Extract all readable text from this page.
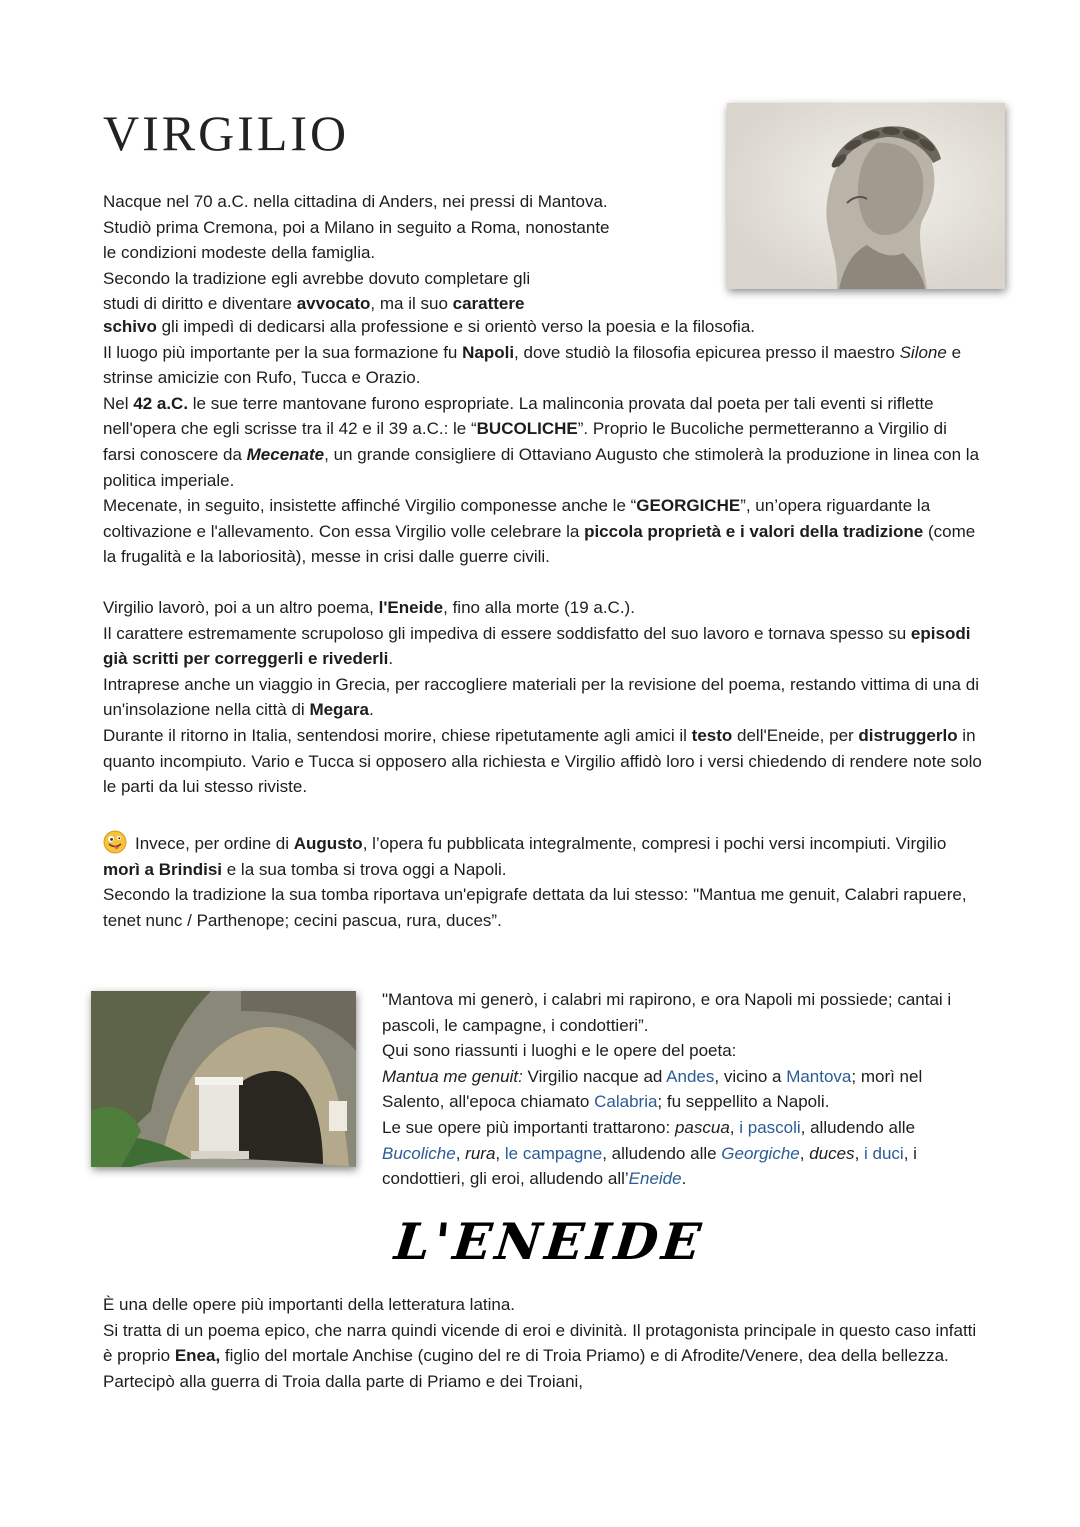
VIRGILIO

Nacque nel 70 a.C. nella cittadina di Anders, nei pressi di Mantova.

Studiò prima Cremona, poi a Milano in seguito a Roma, nonostante

le condizioni modeste della famiglia.

Secondo la tradizione egli avrebbe dovuto completare gli

studi di diritto e diventare avvocato, ma il suo carattere

schivo gli impedì di dedicarsi alla professione e si orientò verso la poesia e la filosofia.

Il luogo più importante per la sua formazione fu Napoli, dove studiò la filosofia epicurea presso il maestro Silone e strinse amicizie con Rufo, Tucca e Orazio.

Nel 42 a.C. le sue terre mantovane furono espropriate. La malinconia provata dal poeta per tali eventi si riflette nell'opera che egli scrisse tra il 42 e il 39 a.C.: le “BUCOLICHE”. Proprio le Bucoliche permetteranno a Virgilio di farsi conoscere da Mecenate, un grande consigliere di Ottaviano Augusto che stimolerà la produzione in linea con la politica imperiale.

Mecenate, in seguito, insistette affinché Virgilio componesse anche le “GEORGICHE”, un’opera riguardante la coltivazione e l'allevamento. Con essa Virgilio volle celebrare la piccola proprietà e i valori della tradizione (come la frugalità e la laboriosità), messe in crisi dalle guerre civili.

Virgilio lavorò, poi a un altro poema, l'Eneide, fino alla morte (19 a.C.).

Il carattere estremamente scrupoloso gli impediva di essere soddisfatto del suo lavoro e tornava spesso su episodi già scritti per correggerli e rivederli.

Intraprese anche un viaggio in Grecia, per raccogliere materiali per la revisione del poema, restando vittima di una di un'insolazione nella città di Megara.

Durante il ritorno in Italia, sentendosi morire, chiese ripetutamente agli amici il testo dell'Eneide, per distruggerlo in quanto incompiuto. Vario e Tucca si opposero alla richiesta e Virgilio affidò loro i versi chiedendo di rendere note solo le parti da lui stesso riviste.

Invece, per ordine di Augusto, l’opera fu pubblicata integralmente, compresi i pochi versi incompiuti. Virgilio morì a Brindisi e la sua tomba si trova oggi a Napoli.

Secondo la tradizione la sua tomba riportava un'epigrafe dettata da lui stesso: "Mantua me genuit, Calabri rapuere, tenet nunc / Parthenope; cecini pascua, rura, duces”.

"Mantova mi generò, i calabri mi rapirono, e ora Napoli mi possiede; cantai i pascoli, le campagne, i condottieri”.

Qui sono riassunti i luoghi e le opere del poeta:

Mantua me genuit: Virgilio nacque ad Andes, vicino a Mantova; morì nel Salento, all'epoca chiamato Calabria; fu seppellito a Napoli.

Le sue opere più importanti trattarono: pascua, i pascoli, alludendo alle Bucoliche, rura, le campagne, alludendo alle Georgiche, duces, i duci, i condottieri, gli eroi, alludendo all’Eneide.

L'ENEIDE

È una delle opere più importanti della letteratura latina.

Si tratta di un poema epico, che narra quindi vicende di eroi e divinità. Il protagonista principale in questo caso infatti è proprio Enea, figlio del mortale Anchise (cugino del re di Troia Priamo) e di Afrodite/Venere, dea della bellezza. Partecipò alla guerra di Troia dalla parte di Priamo e dei Troiani,
